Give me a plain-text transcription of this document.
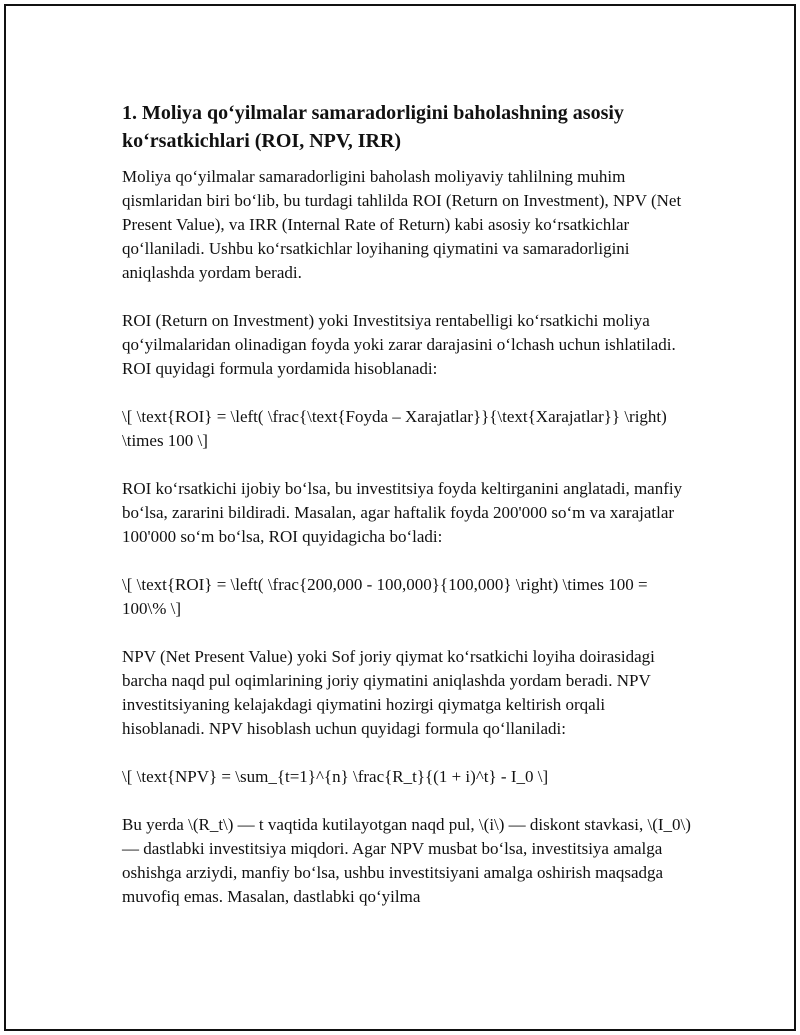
1. Moliya qo‘yilmalar samaradorligini baholashning asosiy ko‘rsatkichlari (ROI, NPV, IRR)

Moliya qo‘yilmalar samaradorligini baholash moliyaviy tahlilning muhim qismlaridan biri bo‘lib, bu turdagi tahlilda ROI (Return on Investment), NPV (Net Present Value), va IRR (Internal Rate of Return) kabi asosiy ko‘rsatkichlar qo‘llaniladi. Ushbu ko‘rsatkichlar loyihaning qiymatini va samaradorligini aniqlashda yordam beradi.

ROI (Return on Investment) yoki Investitsiya rentabelligi ko‘rsatkichi moliya qo‘yilmalaridan olinadigan foyda yoki zarar darajasini o‘lchash uchun ishlatiladi. ROI quyidagi formula yordamida hisoblanadi:

\[ \text{ROI} = \left( \frac{\text{Foyda – Xarajatlar}}{\text{Xarajatlar}} \right) \times 100 \]

ROI ko‘rsatkichi ijobiy bo‘lsa, bu investitsiya foyda keltirganini anglatadi, manfiy bo‘lsa, zararini bildiradi. Masalan, agar haftalik foyda 200'000 so‘m va xarajatlar 100'000 so‘m bo‘lsa, ROI quyidagicha bo‘ladi:

\[ \text{ROI} = \left( \frac{200,000 - 100,000}{100,000} \right) \times 100 = 100\% \]

NPV (Net Present Value) yoki Sof joriy qiymat ko‘rsatkichi loyiha doirasidagi barcha naqd pul oqimlarining joriy qiymatini aniqlashda yordam beradi. NPV investitsiyaning kelajakdagi qiymatini hozirgi qiymatga keltirish orqali hisoblanadi. NPV hisoblash uchun quyidagi formula qo‘llaniladi:

\[ \text{NPV} = \sum_{t=1}^{n} \frac{R_t}{(1 + i)^t} - I_0 \]

Bu yerda \(R_t\) — t vaqtida kutilayotgan naqd pul, \(i\) — diskont stavkasi, \(I_0\) — dastlabki investitsiya miqdori. Agar NPV musbat bo‘lsa, investitsiya amalga oshishga arziydi, manfiy bo‘lsa, ushbu investitsiyani amalga oshirish maqsadga muvofiq emas. Masalan, dastlabki qo‘yilma
